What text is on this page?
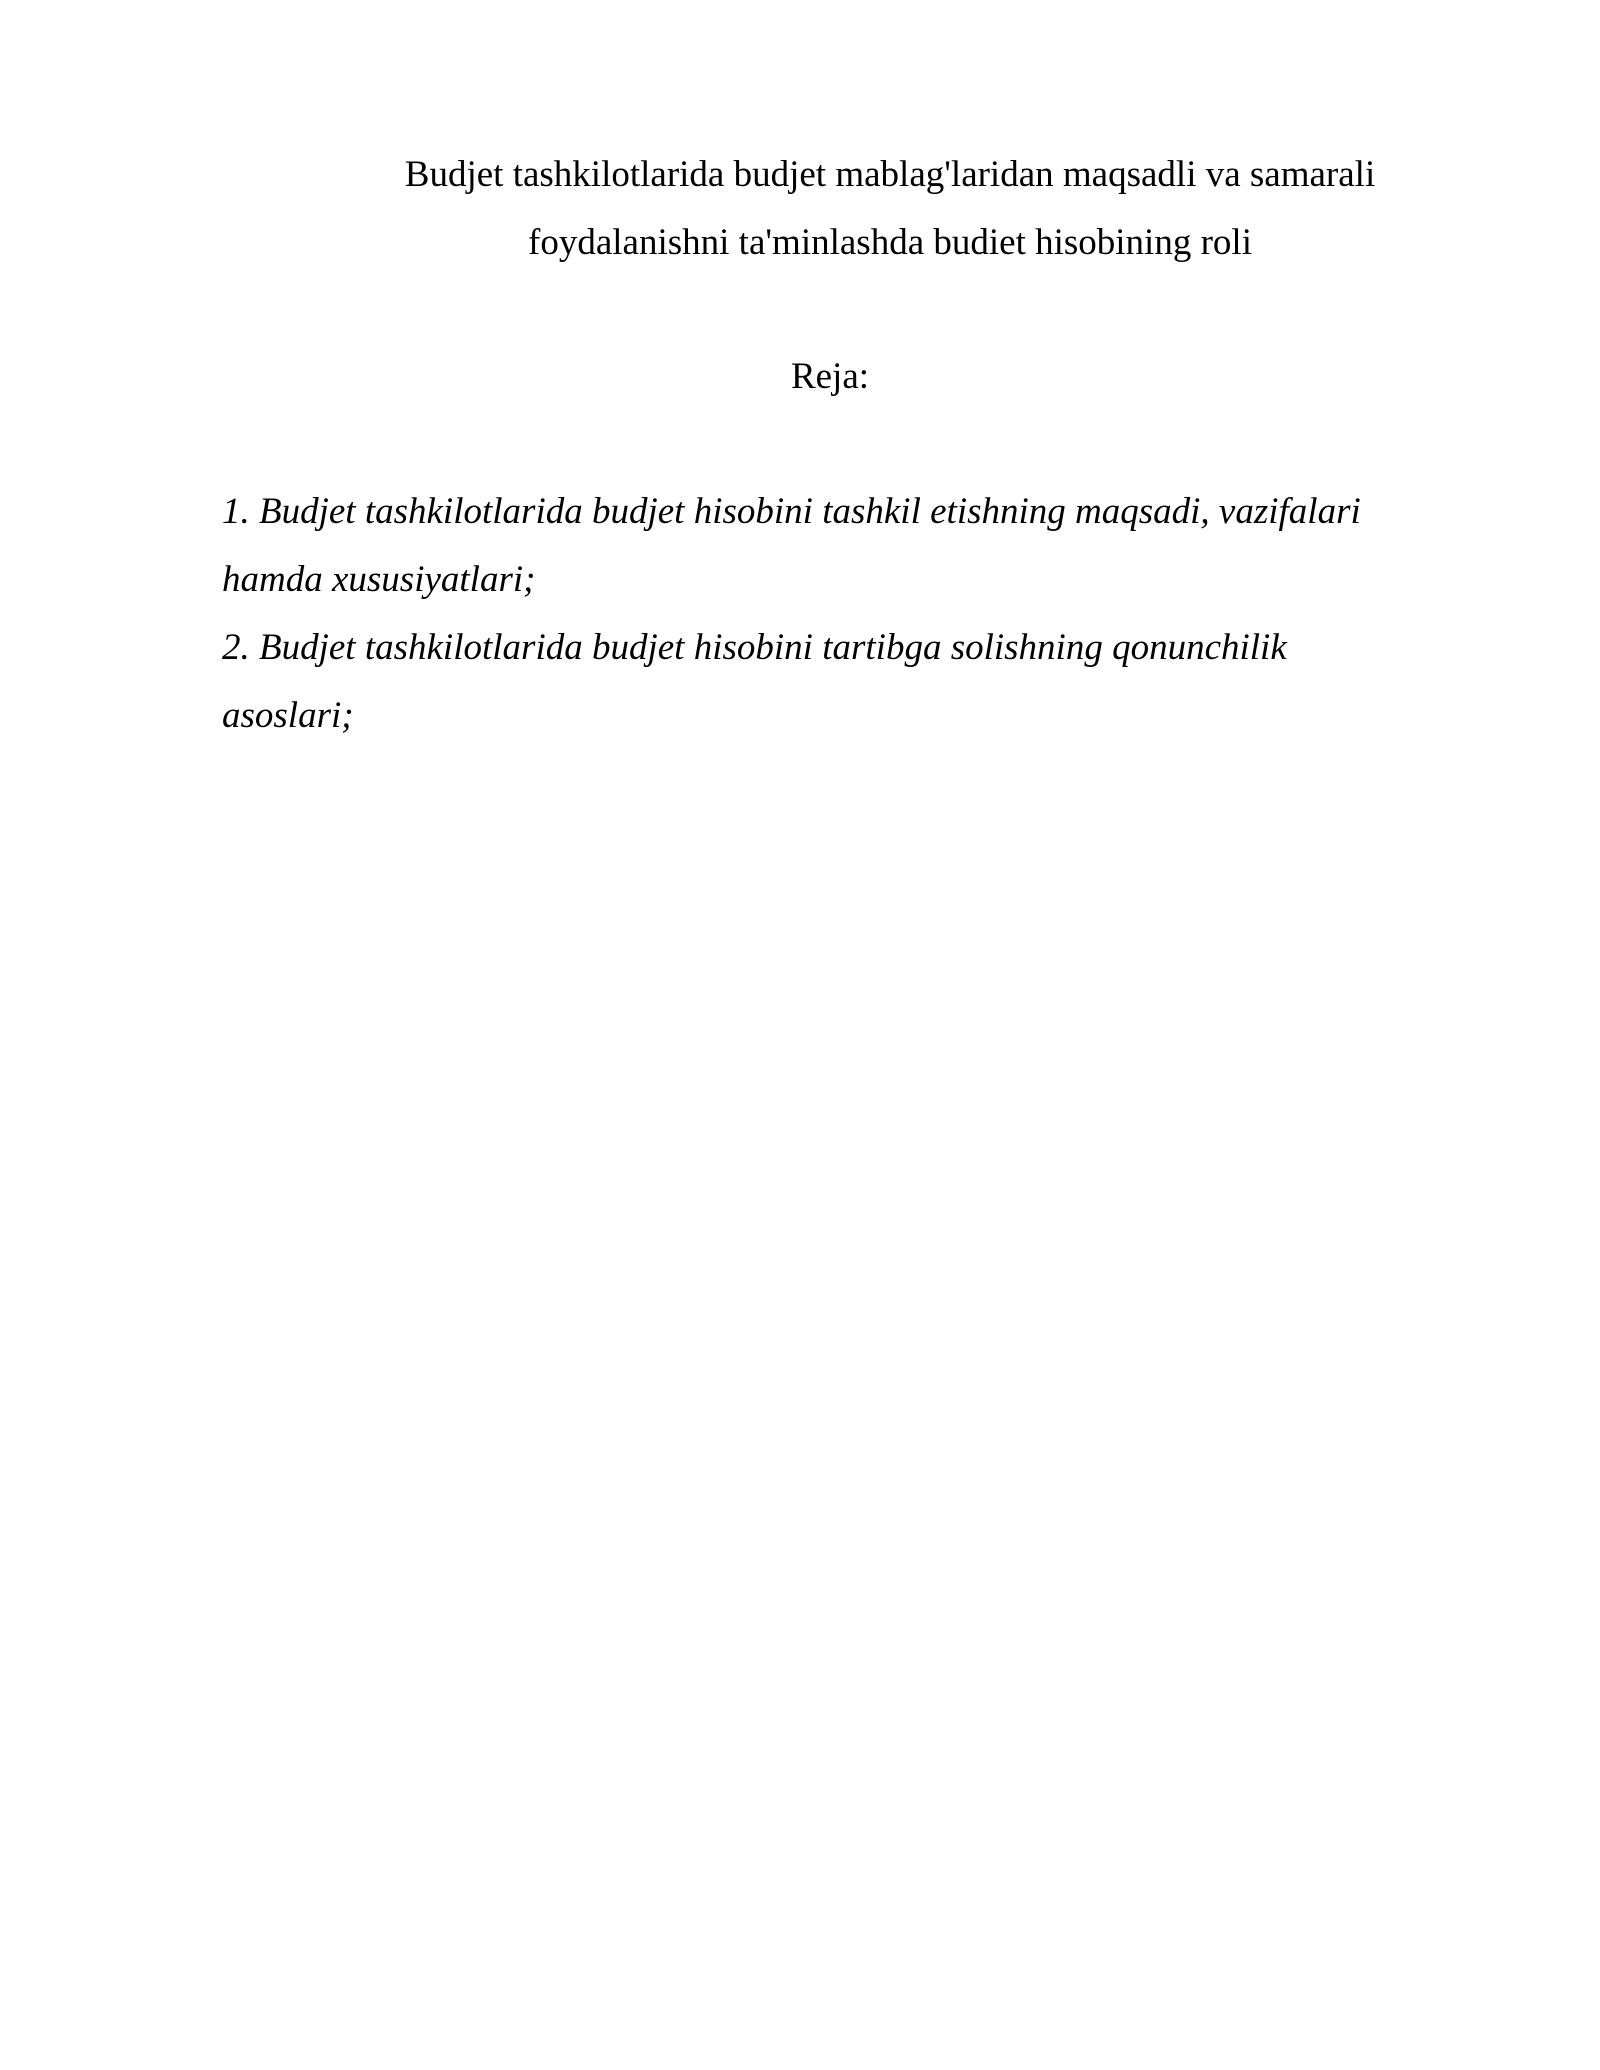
Budjet tashkilotlarida budjet mablag'laridan maqsadli va samarali
foydalanishni ta'minlashda budiet hisobining roli
Reja:
1. Budjet tashkilotlarida budjet hisobini tashkil etishning maqsadi, vazifalari
hamda xususiyatlari;
2. Budjet tashkilotlarida budjet hisobini tartibga solishning qonunchilik
asoslari;
